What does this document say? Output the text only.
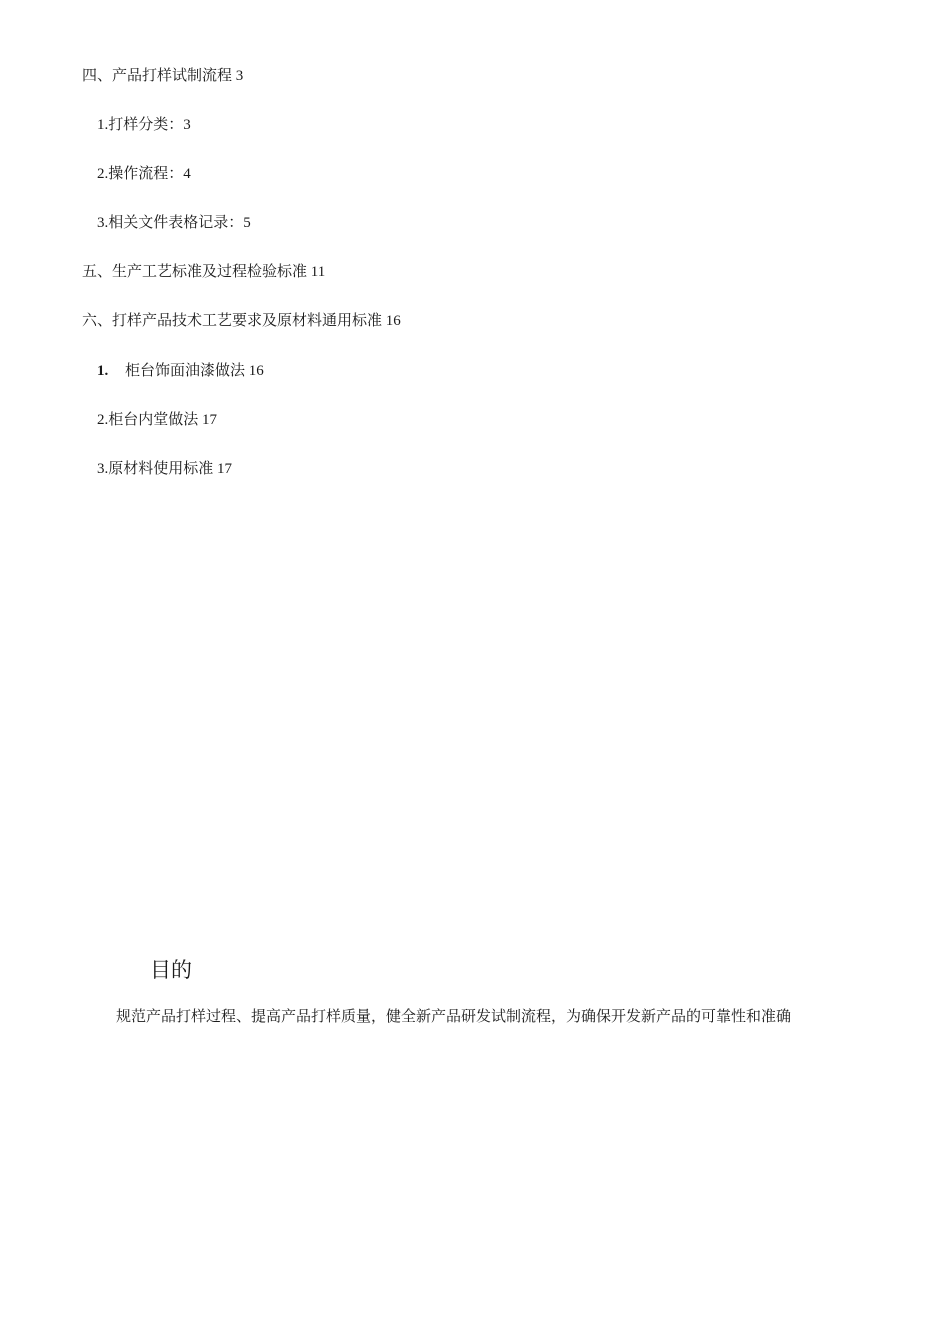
四、产品打样试制流程 3
1.打样分类：3
2.操作流程：4
3.相关文件表格记录：5
五、生产工艺标准及过程检验标准 11
六、打样产品技术工艺要求及原材料通用标准 16
1. 柜台饰面油漆做法 16
2.柜台内堂做法 17
3.原材料使用标准 17
目的
规范产品打样过程、提高产品打样质量，健全新产品研发试制流程，为确保开发新产品的可靠性和准确
